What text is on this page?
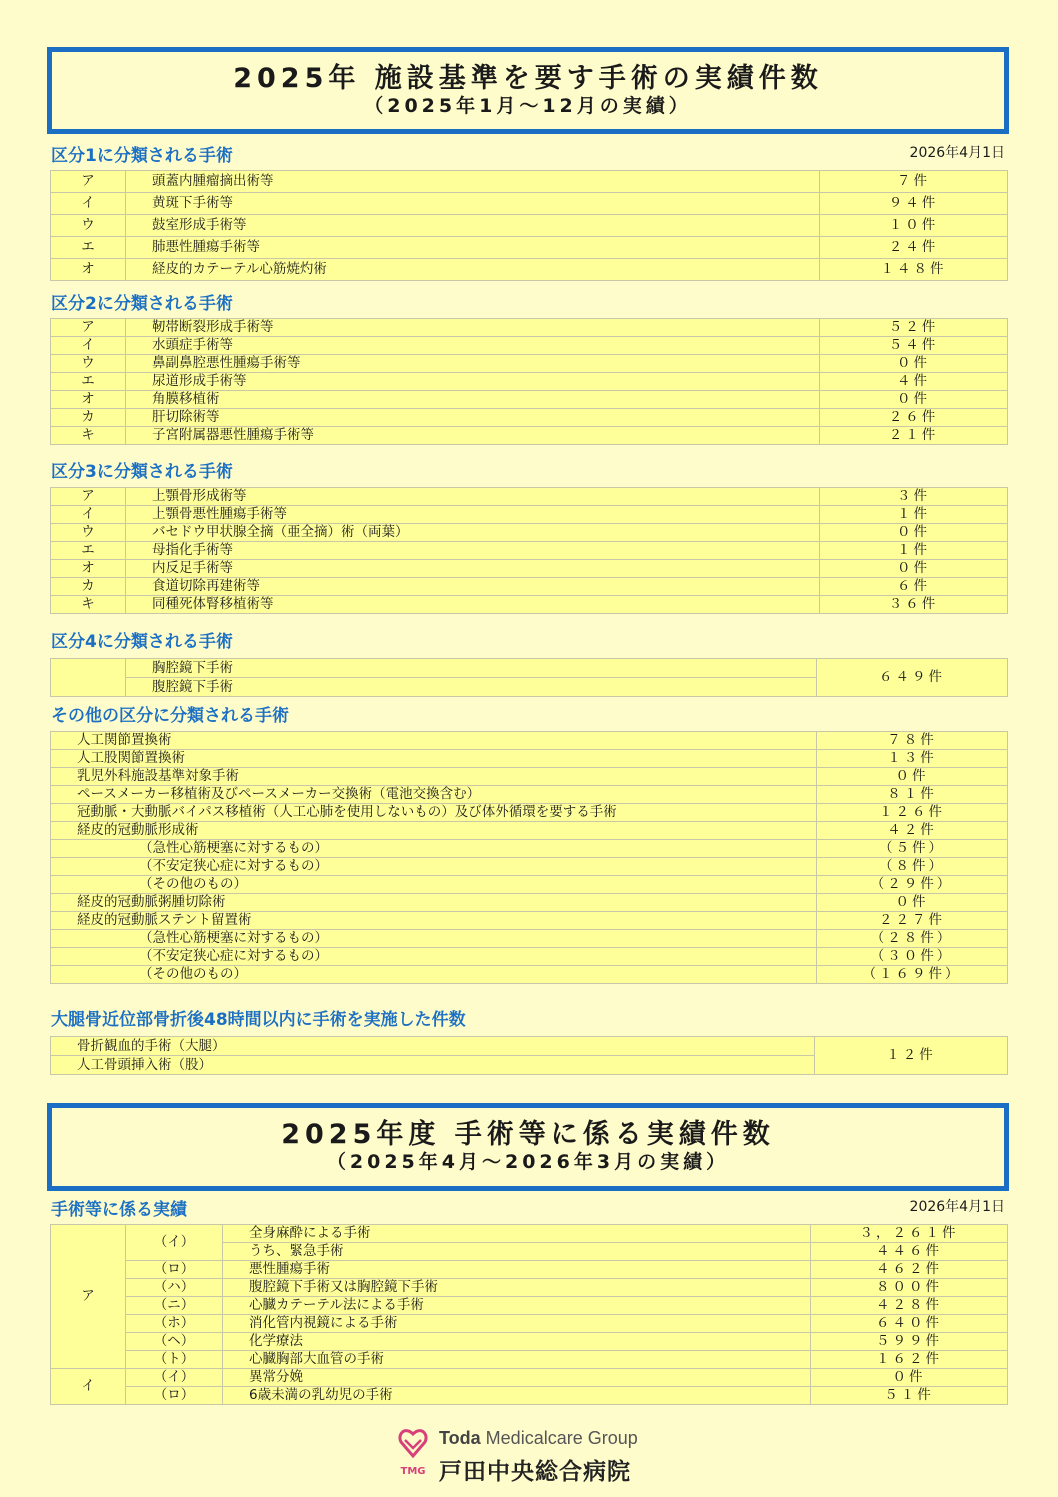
2025年 施設基準を要す手術の実績件数
（2025年1月～12月の実績）
区分1に分類される手術	2026年4月1日
ア	頭蓋内腫瘤摘出術等	７件
イ	黄斑下手術等	９４件
ウ	鼓室形成手術等	１０件
エ	肺悪性腫瘍手術等	２４件
オ	経皮的カテーテル心筋焼灼術	１４８件
区分2に分類される手術
ア	靭帯断裂形成手術等	５２件
イ	水頭症手術等	５４件
ウ	鼻副鼻腔悪性腫瘍手術等	０件
エ	尿道形成手術等	４件
オ	角膜移植術	０件
カ	肝切除術等	２６件
キ	子宮附属器悪性腫瘍手術等	２１件
区分3に分類される手術
ア	上顎骨形成術等	３件
イ	上顎骨悪性腫瘍手術等	１件
ウ	バセドウ甲状腺全摘（亜全摘）術（両葉）	０件
エ	母指化手術等	１件
オ	内反足手術等	０件
カ	食道切除再建術等	６件
キ	同種死体腎移植術等	３６件
区分4に分類される手術
	胸腔鏡下手術	６４９件
腹腔鏡下手術
その他の区分に分類される手術
人工関節置換術	７８件
人工股関節置換術	１３件
乳児外科施設基準対象手術	０件
ペースメーカー移植術及びペースメーカー交換術（電池交換含む）	８１件
冠動脈・大動脈バイパス移植術（人工心肺を使用しないもの）及び体外循環を要する手術	１２６件
経皮的冠動脈形成術	４２件
（急性心筋梗塞に対するもの）	（５件）
（不安定狭心症に対するもの）	（８件）
（その他のもの）	（２９件）
経皮的冠動脈粥腫切除術	０件
経皮的冠動脈ステント留置術	２２７件
（急性心筋梗塞に対するもの）	（２８件）
（不安定狭心症に対するもの）	（３０件）
（その他のもの）	（１６９件）
大腿骨近位部骨折後48時間以内に手術を実施した件数
骨折観血的手術（大腿）	１２件
人工骨頭挿入術（股）
2025年度 手術等に係る実績件数
（2025年4月～2026年3月の実績）
手術等に係る実績	2026年4月1日
ア	（イ）	全身麻酔による手術	３，２６１件
		うち、緊急手術	４４６件
	（ロ）	悪性腫瘍手術	４６２件
	（ハ）	腹腔鏡下手術又は胸腔鏡下手術	８００件
	（ニ）	心臓カテーテル法による手術	４２８件
	（ホ）	消化管内視鏡による手術	６４０件
	（ヘ）	化学療法	５９９件
	（ト）	心臓胸部大血管の手術	１６２件
イ	（イ）	異常分娩	０件
	（ロ）	6歳未満の乳幼児の手術	５１件
TMG
Toda Medicalcare Group
戸田中央総合病院
